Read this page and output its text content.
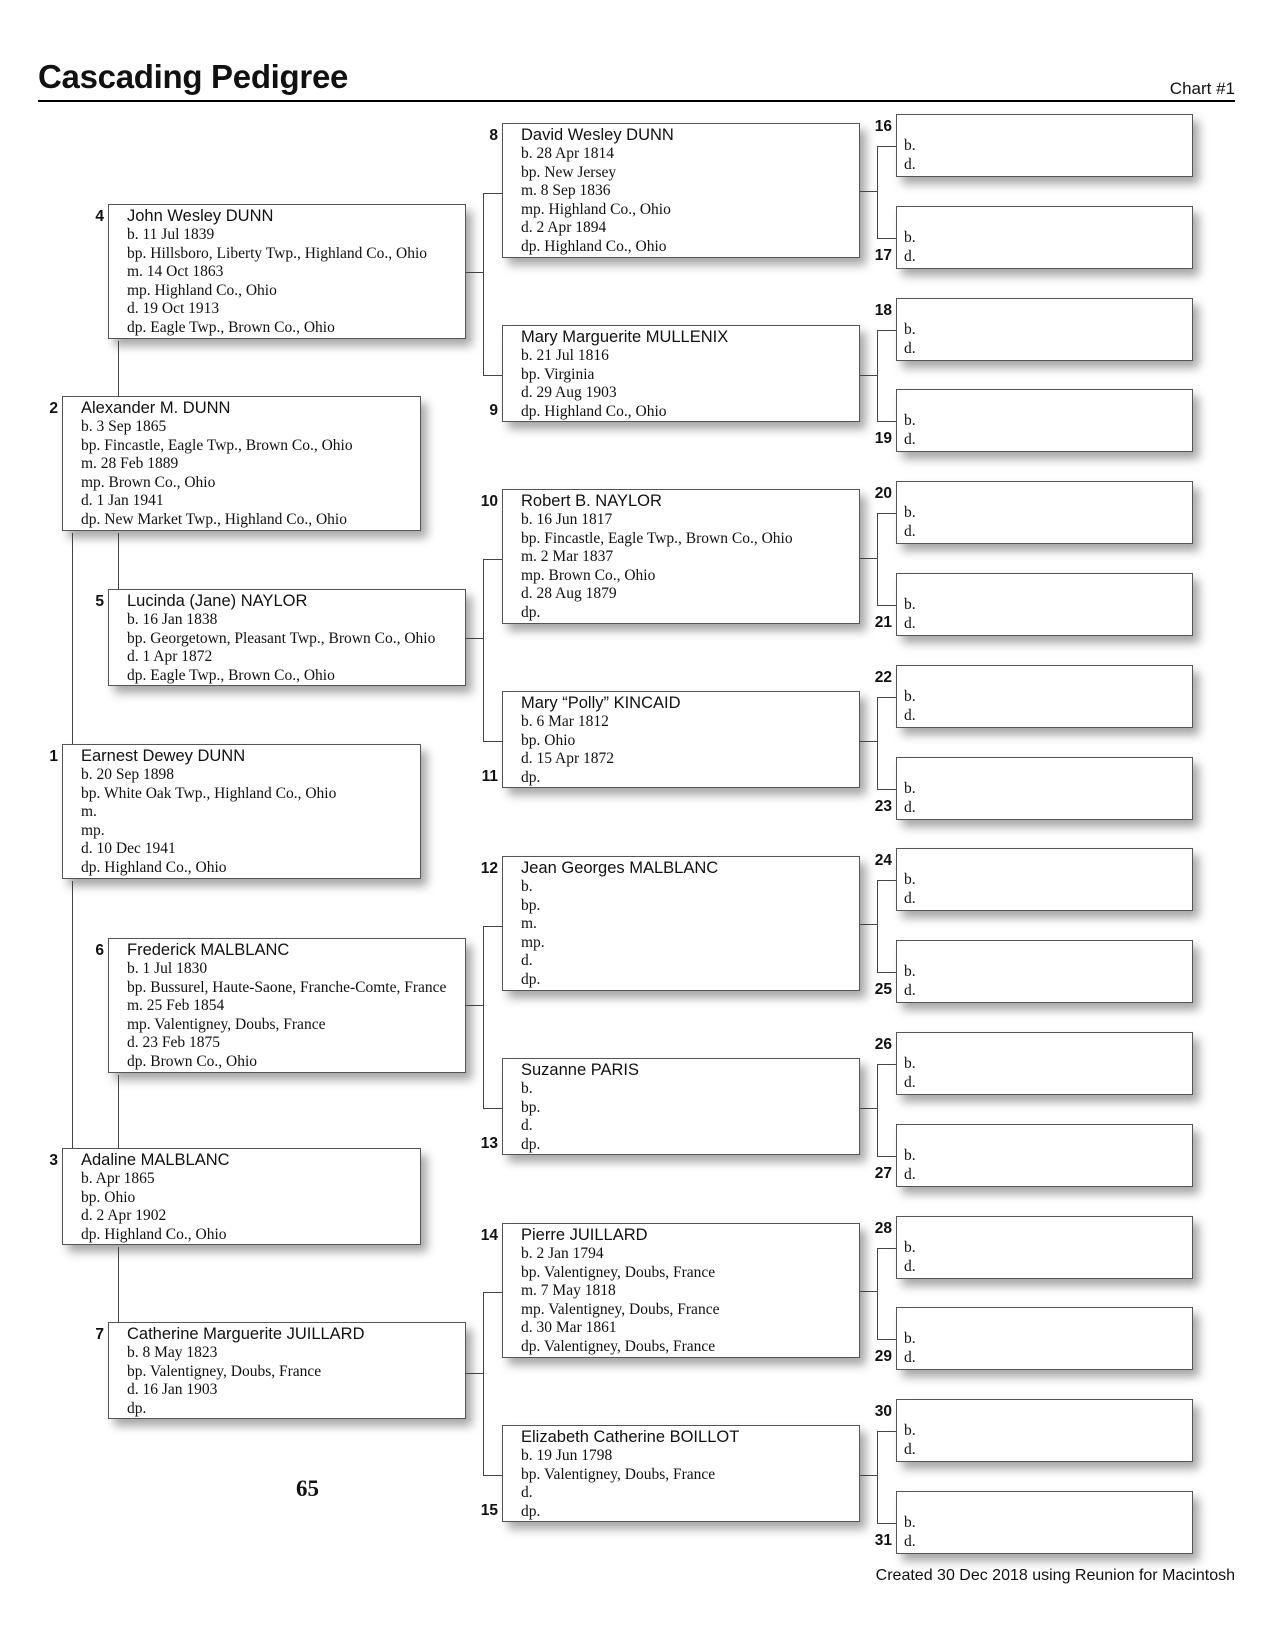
Cascading Pedigree	Chart #1
Earnest Dewey DUNN
b. 20 Sep 1898
bp. White Oak Twp., Highland Co., Ohio
m.
mp.
d. 10 Dec 1941
dp. Highland Co., Ohio
1
Alexander M. DUNN
b. 3 Sep 1865
bp. Fincastle, Eagle Twp., Brown Co., Ohio
m. 28 Feb 1889
mp. Brown Co., Ohio
d. 1 Jan 1941
dp. New Market Twp., Highland Co., Ohio
2
Adaline MALBLANC
b. Apr 1865
bp. Ohio
d. 2 Apr 1902
dp. Highland Co., Ohio
3
John Wesley DUNN
b. 11 Jul 1839
bp. Hillsboro, Liberty Twp., Highland Co., Ohio
m. 14 Oct 1863
mp. Highland Co., Ohio
d. 19 Oct 1913
dp. Eagle Twp., Brown Co., Ohio
4
Lucinda (Jane) NAYLOR
b. 16 Jan 1838
bp. Georgetown, Pleasant Twp., Brown Co., Ohio
d. 1 Apr 1872
dp. Eagle Twp., Brown Co., Ohio
5
Frederick MALBLANC
b. 1 Jul 1830
bp. Bussurel, Haute-Saone, Franche-Comte, France
m. 25 Feb 1854
mp. Valentigney, Doubs, France
d. 23 Feb 1875
dp. Brown Co., Ohio
6
Catherine Marguerite JUILLARD
b. 8 May 1823
bp. Valentigney, Doubs, France
d. 16 Jan 1903
dp.
7
David Wesley DUNN
b. 28 Apr 1814
bp. New Jersey
m. 8 Sep 1836
mp. Highland Co., Ohio
d. 2 Apr 1894
dp. Highland Co., Ohio
8
Mary Marguerite MULLENIX
b. 21 Jul 1816
bp. Virginia
d. 29 Aug 1903
dp. Highland Co., Ohio
9
Robert B. NAYLOR
b. 16 Jun 1817
bp. Fincastle, Eagle Twp., Brown Co., Ohio
m. 2 Mar 1837
mp. Brown Co., Ohio
d. 28 Aug 1879
dp.
10
Mary “Polly” KINCAID
b. 6 Mar 1812
bp. Ohio
d. 15 Apr 1872
dp.
11
Jean Georges MALBLANC
b.
bp.
m.
mp.
d.
dp.
12
Suzanne PARIS
b.
bp.
d.
dp.
13
Pierre JUILLARD
b. 2 Jan 1794
bp. Valentigney, Doubs, France
m. 7 May 1818
mp. Valentigney, Doubs, France
d. 30 Mar 1861
dp. Valentigney, Doubs, France
14
Elizabeth Catherine BOILLOT
b. 19 Jun 1798
bp. Valentigney, Doubs, France
d.
dp.
15
b.
d.
16
b.
d.
17
b.
d.
18
b.
d.
19
b.
d.
20
b.
d.
21
b.
d.
22
b.
d.
23
b.
d.
24
b.
d.
25
b.
d.
26
b.
d.
27
b.
d.
28
b.
d.
29
b.
d.
30
b.
d.
31
65
Created 30 Dec 2018 using Reunion for Macintosh
